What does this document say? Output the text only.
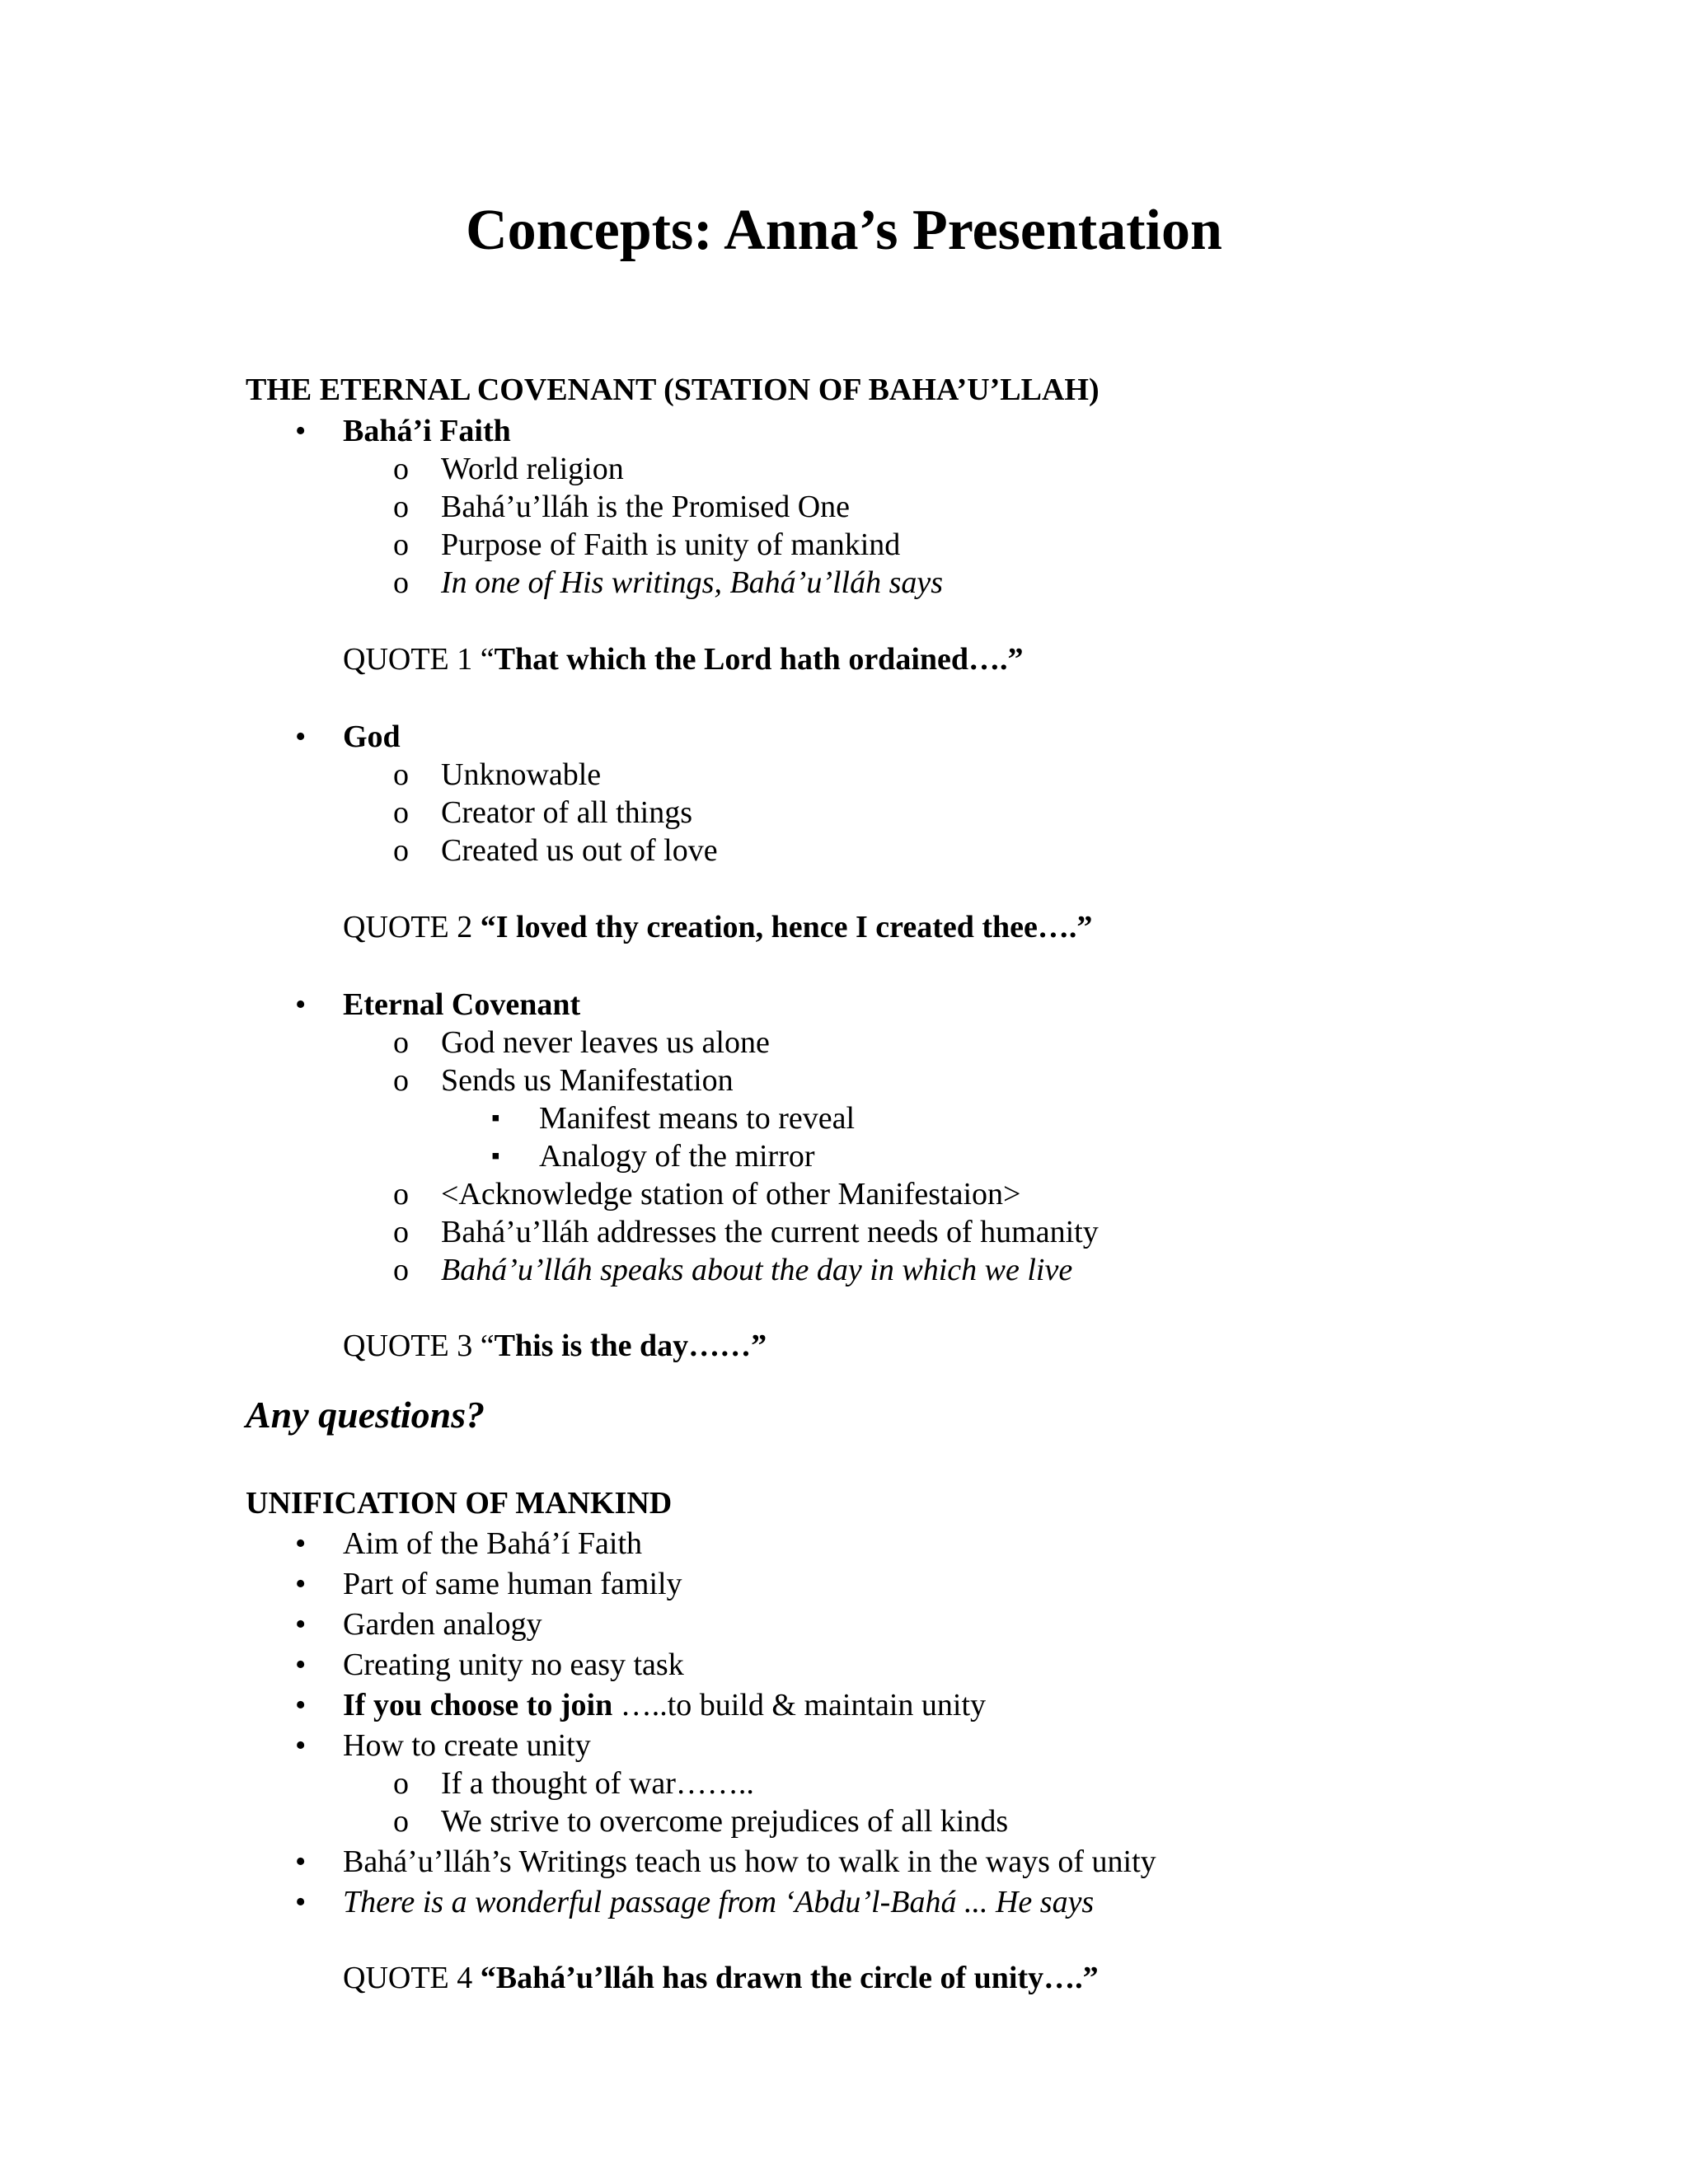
Concepts: Anna’s Presentation

THE ETERNAL COVENANT (STATION OF BAHA’U’LLAH)

• Bahá’i Faith

o World religion

o Bahá’u’lláh is the Promised One

o Purpose of Faith is unity of mankind

o In one of His writings, Bahá’u’lláh says

QUOTE 1 “That which the Lord hath ordained….”

• God

o Unknowable

o Creator of all things

o Created us out of love

QUOTE 2 “I loved thy creation, hence I created thee….”

• Eternal Covenant

o God never leaves us alone

o Sends us Manifestation

▪ Manifest means to reveal

▪ Analogy of the mirror

o <Acknowledge station of other Manifestaion>

o Bahá’u’lláh addresses the current needs of humanity

o Bahá’u’lláh speaks about the day in which we live

QUOTE 3 “This is the day……”

Any questions?

UNIFICATION OF MANKIND

• Aim of the Bahá’í Faith

• Part of same human family

• Garden analogy

• Creating unity no easy task

• If you choose to join …..to build & maintain unity

• How to create unity

o If a thought of war……..

o We strive to overcome prejudices of all kinds

• Bahá’u’lláh’s Writings teach us how to walk in the ways of unity

• There is a wonderful passage from ‘Abdu’l-Bahá ... He says

QUOTE 4 “Bahá’u’lláh has drawn the circle of unity….”
